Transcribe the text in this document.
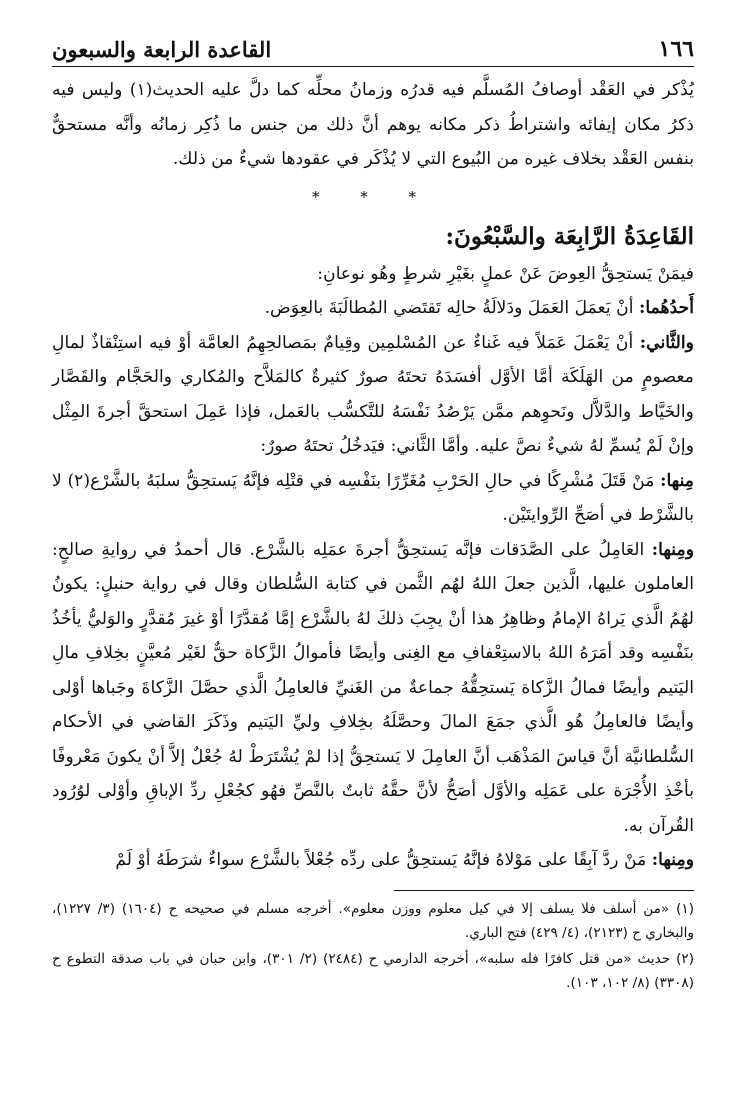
١٦٦
القاعدة الرابعة والسبعون

يُذْكر في العَقْد أوصافُ المُسلَّم فيه قدرُه وزمانُ محلِّه كما دلَّ عليه الحديث(١) وليس فيه ذكرُ مكان إيفائه واشتراطُ ذكر مكانه يوهم أنَّ ذلك من جنس ما ذُكِر زمانُه وأنَّه مستحقٌّ بنفس العَقْد بخلاف غيره من البُيوع التي لا يُذْكَر في عقودها شيءٌ من ذلك.

* * *

القَاعِدَةُ الرَّابِعَة والسَّبْعُونَ:

فيمَنْ يَستحِقُّ العِوضَ عَنْ عملٍ بغَيْرِ شرطٍ وهُو نوعانِ:

أَحدُهُما: أنْ يَعمَلَ العَمَلَ ودَلالَةُ حالِه تَقتَضي المُطالَبَةَ بالعِوَض.

والثَّاني: أنْ يَعْمَلَ عَمَلاً فيه غَناءٌ عن المُسْلمِين وقِيامٌ بمَصالحِهِمُ العامَّة أوْ فيه استِنْقاذٌ لمالِ معصومٍ من الهَلَكَة أمَّا الأوَّل أفسَدَهُ تحتَهُ صورٌ كثيرةٌ كالمَلاَّح والمُكاري والحَجَّام والقَصَّار والخَيَّاط والدَّلاَّل ونَحوِهم ممَّن يَرْصُدُ نَفْسَهُ للتَّكسُّب بالعَمل، فإذا عَمِلَ استحقَّ أجرةَ المِثْل وإنْ لَمْ يُسمِّ لهُ شيءٌ نصَّ عليه. وأمَّا الثَّاني: فيَدخُلُ تحتَهُ صورٌ:

مِنها: مَنْ قَتَلَ مُشْرِكًا في حالِ الحَرْبِ مُغَرِّرًا بنَفْسِه في قتْلِه فإنَّهُ يَستحِقُّ سلبَهُ بالشَّرْع(٢) لا بالشَّرْط في أصَحِّ الرِّوايتَيْن.

ومِنها: العَامِلُ على الصَّدَقات فإنَّه يَستحِقُّ أجرةَ عمَلِه بالشَّرْع. قال أحمدُ في روايةِ صالحٍ: العاملون عليها، الَّذين جعلَ اللهُ لهُم الثَّمن في كتابة السُّلطان وقال في رواية حنبلٍ: يكونُ لهُمُ الَّذي يَراهُ الإمامُ وظاهِرُ هذا أنْ يجِبَ ذلكَ لهُ بالشَّرْع إمَّا مُقدَّرًا أوْ غيرَ مُقدَّرٍ والوَليُّ يأخُذُ بنَفْسِه وقد أمَرَهُ اللهُ بالاستِعْفافِ مع الغِنى وأيضًا فأموالُ الزَّكاة حقٌّ لغَيْر مُعيَّنٍ بخِلافِ مالِ اليَتيم وأيضًا فمالُ الزَّكاة يَستحِقُّهُ جماعةٌ من الغَنيِّ فالعامِلُ الَّذي حصَّلَ الزَّكاةَ وجَباها أوْلى وأيضًا فالعامِلُ هُو الَّذي جمَعَ المالَ وحصَّلَهُ بخِلافِ وليِّ اليَتيم وذَكَرَ القاضي في الأحكام السُّلطانيَّة أنَّ قياسَ المَذْهَب أنَّ العامِلَ لا يَستحِقُّ إذا لمْ يُشْتَرَطْ لهُ جُعْلٌ إلاَّ أنْ يكونَ مَعْروفًا بأخْذِ الأُجْرَة على عَمَلِه والأوَّل أصَحُّ لأنَّ حقَّهُ ثابتٌ بالنَّصِّ فهُو كجُعْلِ ردِّ الإباقِ وأوْلى لوُرُود القُرآن به.

ومِنها: مَنْ ردَّ آبِقًا على مَوْلاهُ فإنَّهُ يَستحِقُّ على ردِّه جُعْلاً بالشَّرْع سواءٌ شرَطَهُ أوْ لَمْ

(١) «من أسلف فلا يسلف إلا في كيل معلوم ووزن معلوم». أخرجه مسلم في صحيحه ح (١٦٠٤) (٣/ ١٢٢٧)، والبخاري ح (٢١٢٣)، (٤/ ٤٢٩) فتح الباري.

(٢) حديث «من قتل كافرًا فله سلبه»، أخرجه الدارمي ح (٢٤٨٤) (٢/ ٣٠١)، وابن حبان في باب صدقة التطوع ح (٣٣٠٨) (٨/ ١٠٢، ١٠٣).
